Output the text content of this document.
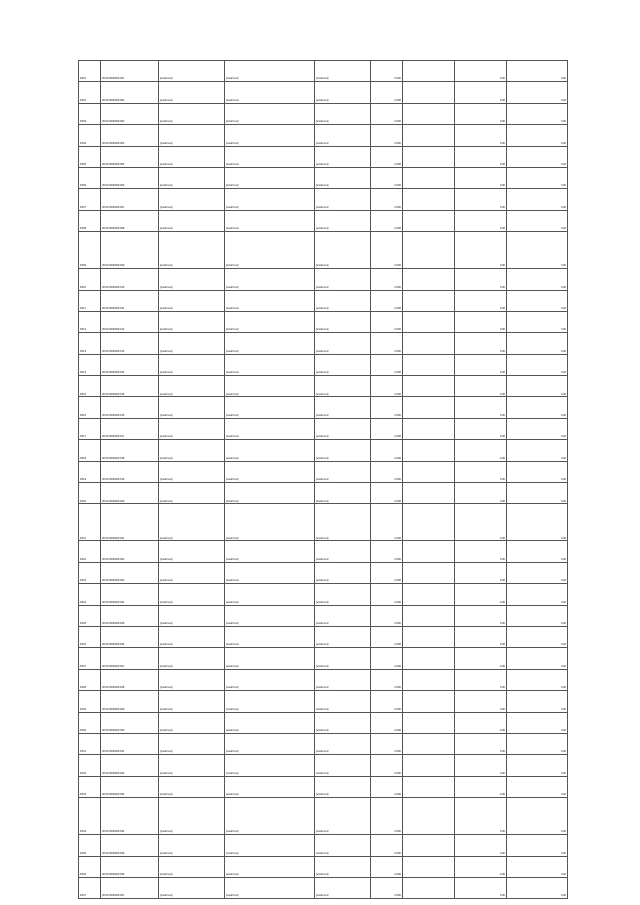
9X01	00:00:0000000:001	[small text]	[small text]	[small text]	0.000		0.00	0.00
9X02	00:00:0000000:002	[small text]	[small text]	[small text]	0.000		0.00	0.00
9X03	00:00:0000000:003	[small text]	[small text]	[small text]	0.000		0.00	0.00
9X04	00:00:0000000:004	[small text]	[small text]	[small text]	0.000		0.00	0.00
9X05	00:00:0000000:005	[small text]	[small text]	[small text]	0.000		0.00	0.00
9X06	00:00:0000000:006	[small text]	[small text]	[small text]	0.000		0.00	0.00
9X07	00:00:0000000:007	[small text]	[small text]	[small text]	0.000		0.00	0.00
9X08	00:00:0000000:008	[small text]	[small text]	[small text]	0.000		0.00	0.00
9X09	00:00:0000000:009	[small text]	[small text]	[small text]	0.000		0.00	0.00
9X10	00:00:0000000:010	[small text]	[small text]	[small text]	0.000		0.00	0.00
9X11	00:00:0000000:011	[small text]	[small text]	[small text]	0.000		0.00	0.00
9X12	00:00:0000000:012	[small text]	[small text]	[small text]	0.000		0.00	0.00
9X13	00:00:0000000:013	[small text]	[small text]	[small text]	0.000		0.00	0.00
9X14	00:00:0000000:014	[small text]	[small text]	[small text]	0.000		0.00	0.00
9X15	00:00:0000000:015	[small text]	[small text]	[small text]	0.000		0.00	0.00
9X16	00:00:0000000:016	[small text]	[small text]	[small text]	0.000		0.00	0.00
9X17	00:00:0000000:017	[small text]	[small text]	[small text]	0.000		0.00	0.00
9X18	00:00:0000000:018	[small text]	[small text]	[small text]	0.000		0.00	0.00
9X19	00:00:0000000:019	[small text]	[small text]	[small text]	0.000		0.00	0.00
9X20	00:00:0000000:020	[small text]	[small text]	[small text]	0.000		0.00	0.00
9X21	00:00:0000000:021	[small text]	[small text]	[small text]	0.000		0.00	0.00
9X22	00:00:0000000:022	[small text]	[small text]	[small text]	0.000		0.00	0.00
9X23	00:00:0000000:023	[small text]	[small text]	[small text]	0.000		0.00	0.00
9X24	00:00:0000000:024	[small text]	[small text]	[small text]	0.000		0.00	0.00
9X25	00:00:0000000:025	[small text]	[small text]	[small text]	0.000		0.00	0.00
9X26	00:00:0000000:026	[small text]	[small text]	[small text]	0.000		0.00	0.00
9X27	00:00:0000000:027	[small text]	[small text]	[small text]	0.000		0.00	0.00
9X28	00:00:0000000:028	[small text]	[small text]	[small text]	0.000		0.00	0.00
9X29	00:00:0000000:029	[small text]	[small text]	[small text]	0.000		0.00	0.00
9X30	00:00:0000000:030	[small text]	[small text]	[small text]	0.000		0.00	0.00
9X31	00:00:0000000:031	[small text]	[small text]	[small text]	0.000		0.00	0.00
9X32	00:00:0000000:032	[small text]	[small text]	[small text]	0.000		0.00	0.00
9X33	00:00:0000000:033	[small text]	[small text]	[small text]	0.000		0.00	0.00
9X34	00:00:0000000:034	[small text]	[small text]	[small text]	0.000		0.00	0.00
9X35	00:00:0000000:035	[small text]	[small text]	[small text]	0.000		0.00	0.00
9X36	00:00:0000000:036	[small text]	[small text]	[small text]	0.000		0.00	0.00
9X37	00:00:0000000:037	[small text]	[small text]	[small text]	0.000		0.00	0.00
